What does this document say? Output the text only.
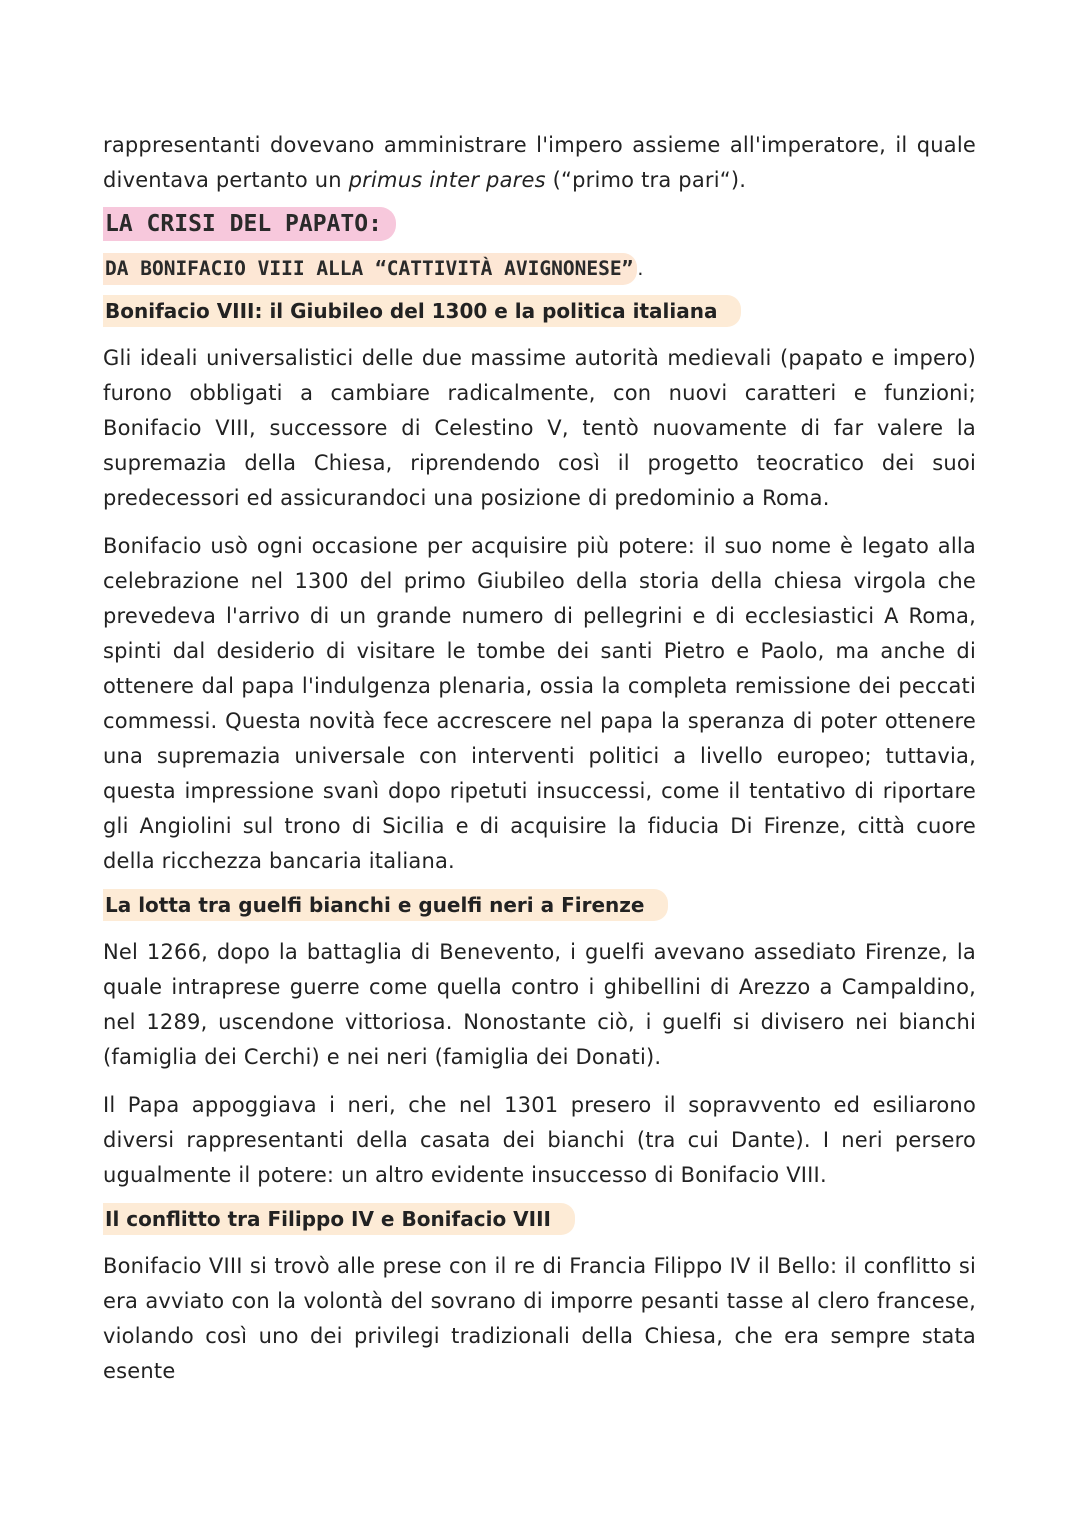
rappresentanti dovevano amministrare l'impero assieme all'imperatore, il quale diventava pertanto un primus inter pares (“primo tra pari“).

LA CRISI DEL PAPATO:
DA BONIFACIO VIII ALLA “CATTIVITÀ AVIGNONESE” .
Bonifacio VIII: il Giubileo del 1300 e la politica italiana

Gli ideali universalistici delle due massime autorità medievali (papato e impero) furono obbligati a cambiare radicalmente, con nuovi caratteri e funzioni; Bonifacio VIII, successore di Celestino V, tentò nuovamente di far valere la supremazia della Chiesa, riprendendo così il progetto teocratico dei suoi predecessori ed assicurandoci una posizione di predominio a Roma.

Bonifacio usò ogni occasione per acquisire più potere: il suo nome è legato alla celebrazione nel 1300 del primo Giubileo della storia della chiesa virgola che prevedeva l'arrivo di un grande numero di pellegrini e di ecclesiastici A Roma, spinti dal desiderio di visitare le tombe dei santi Pietro e Paolo, ma anche di ottenere dal papa l'indulgenza plenaria, ossia la completa remissione dei peccati commessi. Questa novità fece accrescere nel papa la speranza di poter ottenere una supremazia universale con interventi politici a livello europeo; tuttavia, questa impressione svanì dopo ripetuti insuccessi, come il tentativo di riportare gli Angiolini sul trono di Sicilia e di acquisire la fiducia Di Firenze, città cuore della ricchezza bancaria italiana.

La lotta tra guelfi bianchi e guelfi neri a Firenze

Nel 1266, dopo la battaglia di Benevento, i guelfi avevano assediato Firenze, la quale intraprese guerre come quella contro i ghibellini di Arezzo a Campaldino, nel 1289, uscendone vittoriosa. Nonostante ciò, i guelfi si divisero nei bianchi (famiglia dei Cerchi) e nei neri (famiglia dei Donati).

Il Papa appoggiava i neri, che nel 1301 presero il sopravvento ed esiliarono diversi rappresentanti della casata dei bianchi (tra cui Dante). I neri persero ugualmente il potere: un altro evidente insuccesso di Bonifacio VIII.

Il conflitto tra Filippo IV e Bonifacio VIII

Bonifacio VIII si trovò alle prese con il re di Francia Filippo IV il Bello: il conflitto si era avviato con la volontà del sovrano di imporre pesanti tasse al clero francese, violando così uno dei privilegi tradizionali della Chiesa, che era sempre stata esente
